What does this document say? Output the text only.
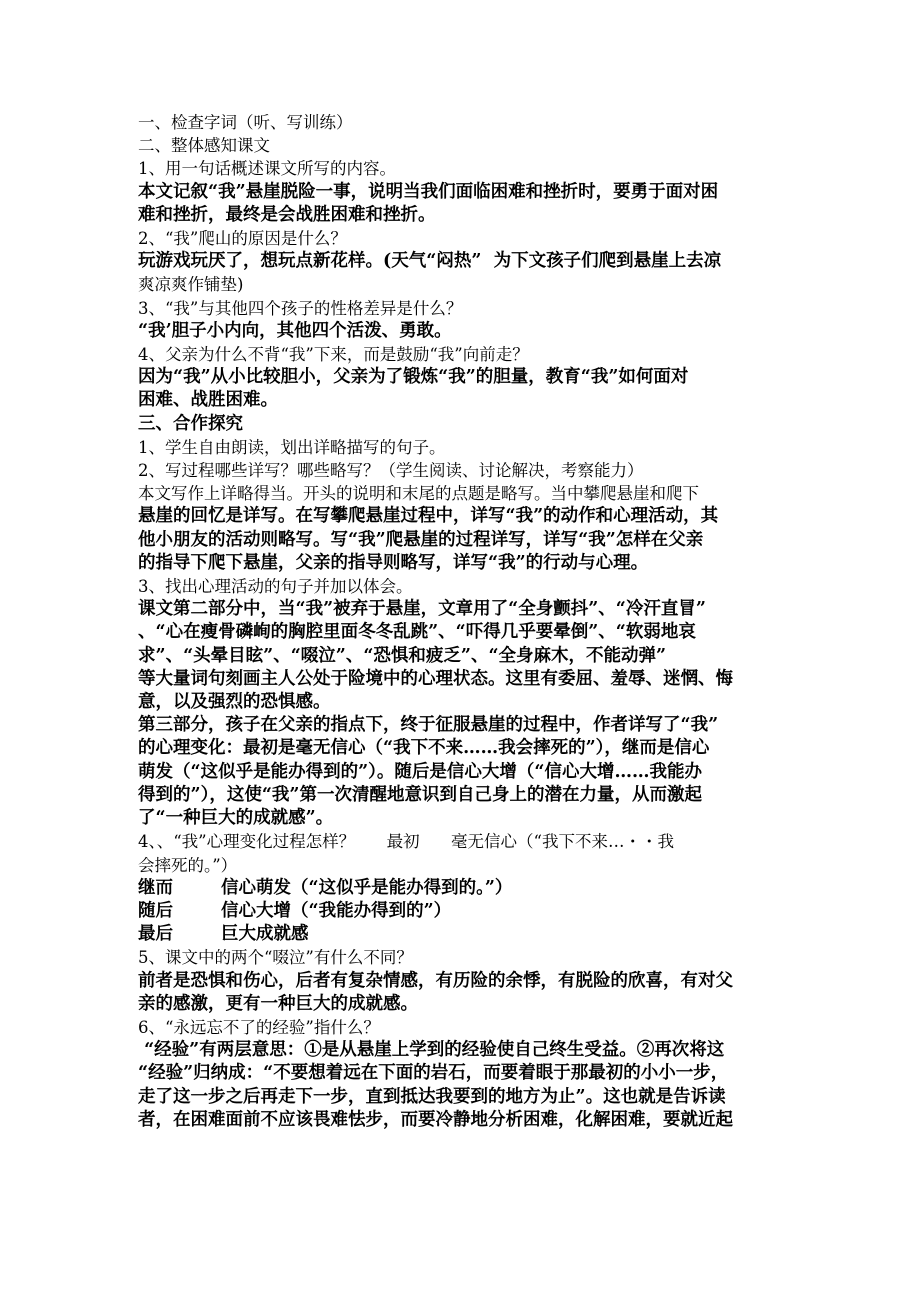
一、检查字词（听、写训练）

二、整体感知课文

1、用一句话概述课文所写的内容。

本文记叙“我”悬崖脱险一事，说明当我们面临困难和挫折时，要勇于面对困

难和挫折，最终是会战胜困难和挫折。

2、“我”爬山的原因是什么？

玩游戏玩厌了，想玩点新花样。(天气“闷热”  为下文孩子们爬到悬崖上去凉

爽凉爽作铺垫)

3、“我”与其他四个孩子的性格差异是什么？

“我’胆子小内向，其他四个活泼、勇敢。

4、父亲为什么不背“我”下来，而是鼓励“我”向前走？

因为“我”从小比较胆小，父亲为了锻炼“我”的胆量，教育“我”如何面对

困难、战胜困难。

三、合作探究

1、学生自由朗读，划出详略描写的句子。

2、写过程哪些详写？哪些略写？（学生阅读、讨论解决，考察能力）

本文写作上详略得当。开头的说明和末尾的点题是略写。当中攀爬悬崖和爬下

悬崖的回忆是详写。在写攀爬悬崖过程中，详写“我”的动作和心理活动，其

他小朋友的活动则略写。写“我”爬悬崖的过程详写，详写“我”怎样在父亲

的指导下爬下悬崖，父亲的指导则略写，详写“我”的行动与心理。

3、找出心理活动的句子并加以体会。

课文第二部分中，当“我”被弃于悬崖，文章用了“全身颤抖”、“冷汗直冒”

、“心在瘦骨磷峋的胸腔里面冬冬乱跳”、“吓得几乎要晕倒”、“软弱地哀

求”、“头晕目眩”、“啜泣”、“恐惧和疲乏”、“全身麻木，不能动弹”

等大量词句刻画主人公处于险境中的心理状态。这里有委屈、羞辱、迷惘、悔

意，以及强烈的恐惧感。

第三部分，孩子在父亲的指点下，终于征服悬崖的过程中，作者详写了“我”

的心理变化：最初是毫无信心（“我下不来……我会摔死的”），继而是信心

萌发（“这似乎是能办得到的”）。随后是信心大增（“信心大增……我能办

得到的”），这使“我”第一次清醒地意识到自己身上的潜在力量，从而激起

了“一种巨大的成就感”。

4、、“我”心理变化过程怎样？      最初      毫无信心（“我下不来…・・我

会摔死的。”）

继而	信心萌发（“这似乎是能办得到的。”）
随后	信心大增（“我能办得到的”）
最后	巨大成就感

5、课文中的两个“啜泣”有什么不同？

前者是恐惧和伤心，后者有复杂情感，有历险的余悸，有脱险的欣喜，有对父

亲的感激，更有一种巨大的成就感。

6、“永远忘不了的经验”指什么？

“经验”有两层意思：①是从悬崖上学到的经验使自己终生受益。②再次将这

“经验”归纳成：“不要想着远在下面的岩石，而要着眼于那最初的小小一步，

走了这一步之后再走下一步，直到抵达我要到的地方为止”。这也就是告诉读

者，在困难面前不应该畏难怯步，而要冷静地分析困难，化解困难，要就近起
